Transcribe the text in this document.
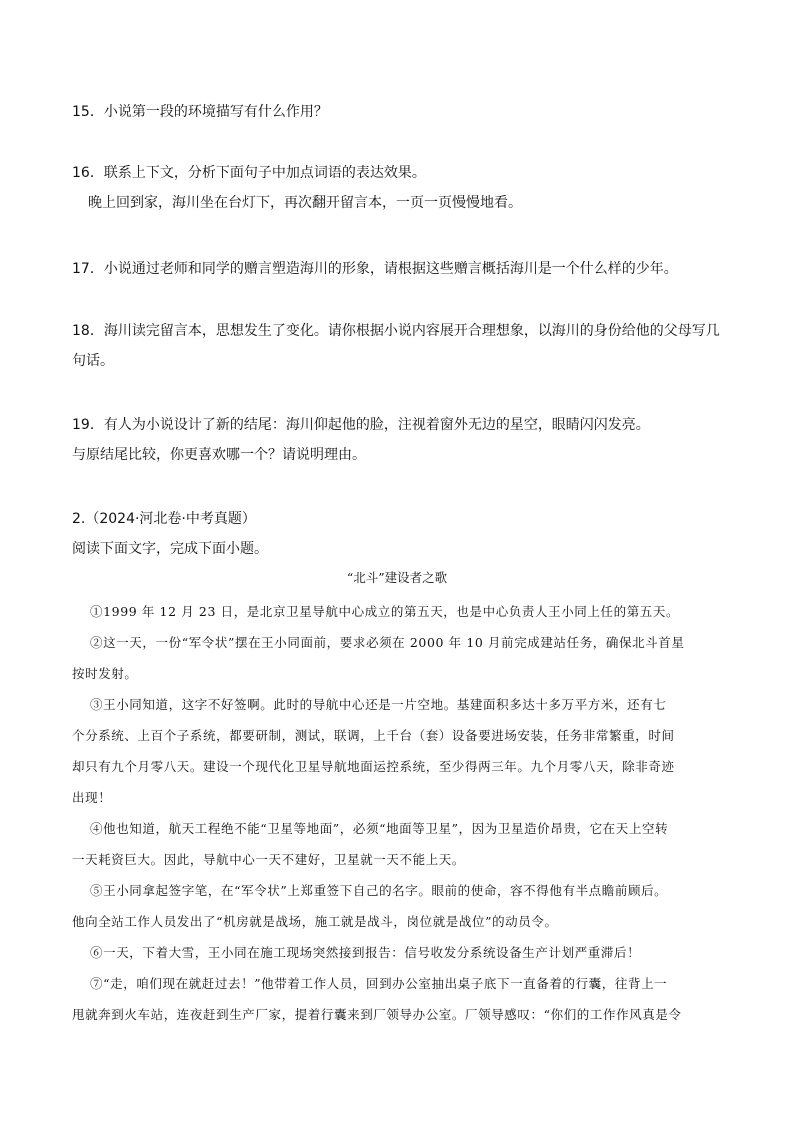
15．小说第一段的环境描写有什么作用？
16．联系上下文，分析下面句子中加点词语的表达效果。
晚上回到家，海川坐在台灯下，再次翻开留言本，一页一页慢慢地看。
17．小说通过老师和同学的赠言塑造海川的形象，请根据这些赠言概括海川是一个什么样的少年。
18．海川读完留言本，思想发生了变化。请你根据小说内容展开合理想象，以海川的身份给他的父母写几
句话。
19．有人为小说设计了新的结尾：海川仰起他的脸，注视着窗外无边的星空，眼睛闪闪发亮。
与原结尾比较，你更喜欢哪一个？请说明理由。
2.（2024·河北卷·中考真题）
阅读下面文字，完成下面小题。
“北斗”建设者之歌
①1999 年 12 月 23 日，是北京卫星导航中心成立的第五天，也是中心负责人王小同上任的第五天。
②这一天，一份“军令状”摆在王小同面前，要求必须在 2000 年 10 月前完成建站任务，确保北斗首星
按时发射。
③王小同知道，这字不好签啊。此时的导航中心还是一片空地。基建面积多达十多万平方米，还有七
个分系统、上百个子系统，都要研制，测试，联调，上千台（套）设备要进场安装，任务非常繁重，时间
却只有九个月零八天。建设一个现代化卫星导航地面运控系统，至少得两三年。九个月零八天，除非奇迹
出现！
④他也知道，航天工程绝不能“卫星等地面”，必须“地面等卫星”，因为卫星造价昂贵，它在天上空转
一天耗资巨大。因此，导航中心一天不建好，卫星就一天不能上天。
⑤王小同拿起签字笔，在“军令状”上郑重签下自己的名字。眼前的使命，容不得他有半点瞻前顾后。
他向全站工作人员发出了“机房就是战场，施工就是战斗，岗位就是战位”的动员令。
⑥一天，下着大雪，王小同在施工现场突然接到报告：信号收发分系统设备生产计划严重滞后！
⑦“走，咱们现在就赶过去！”他带着工作人员，回到办公室抽出桌子底下一直备着的行囊，往背上一
甩就奔到火车站，连夜赶到生产厂家，提着行囊来到厂领导办公室。厂领导感叹：“你们的工作作风真是令
